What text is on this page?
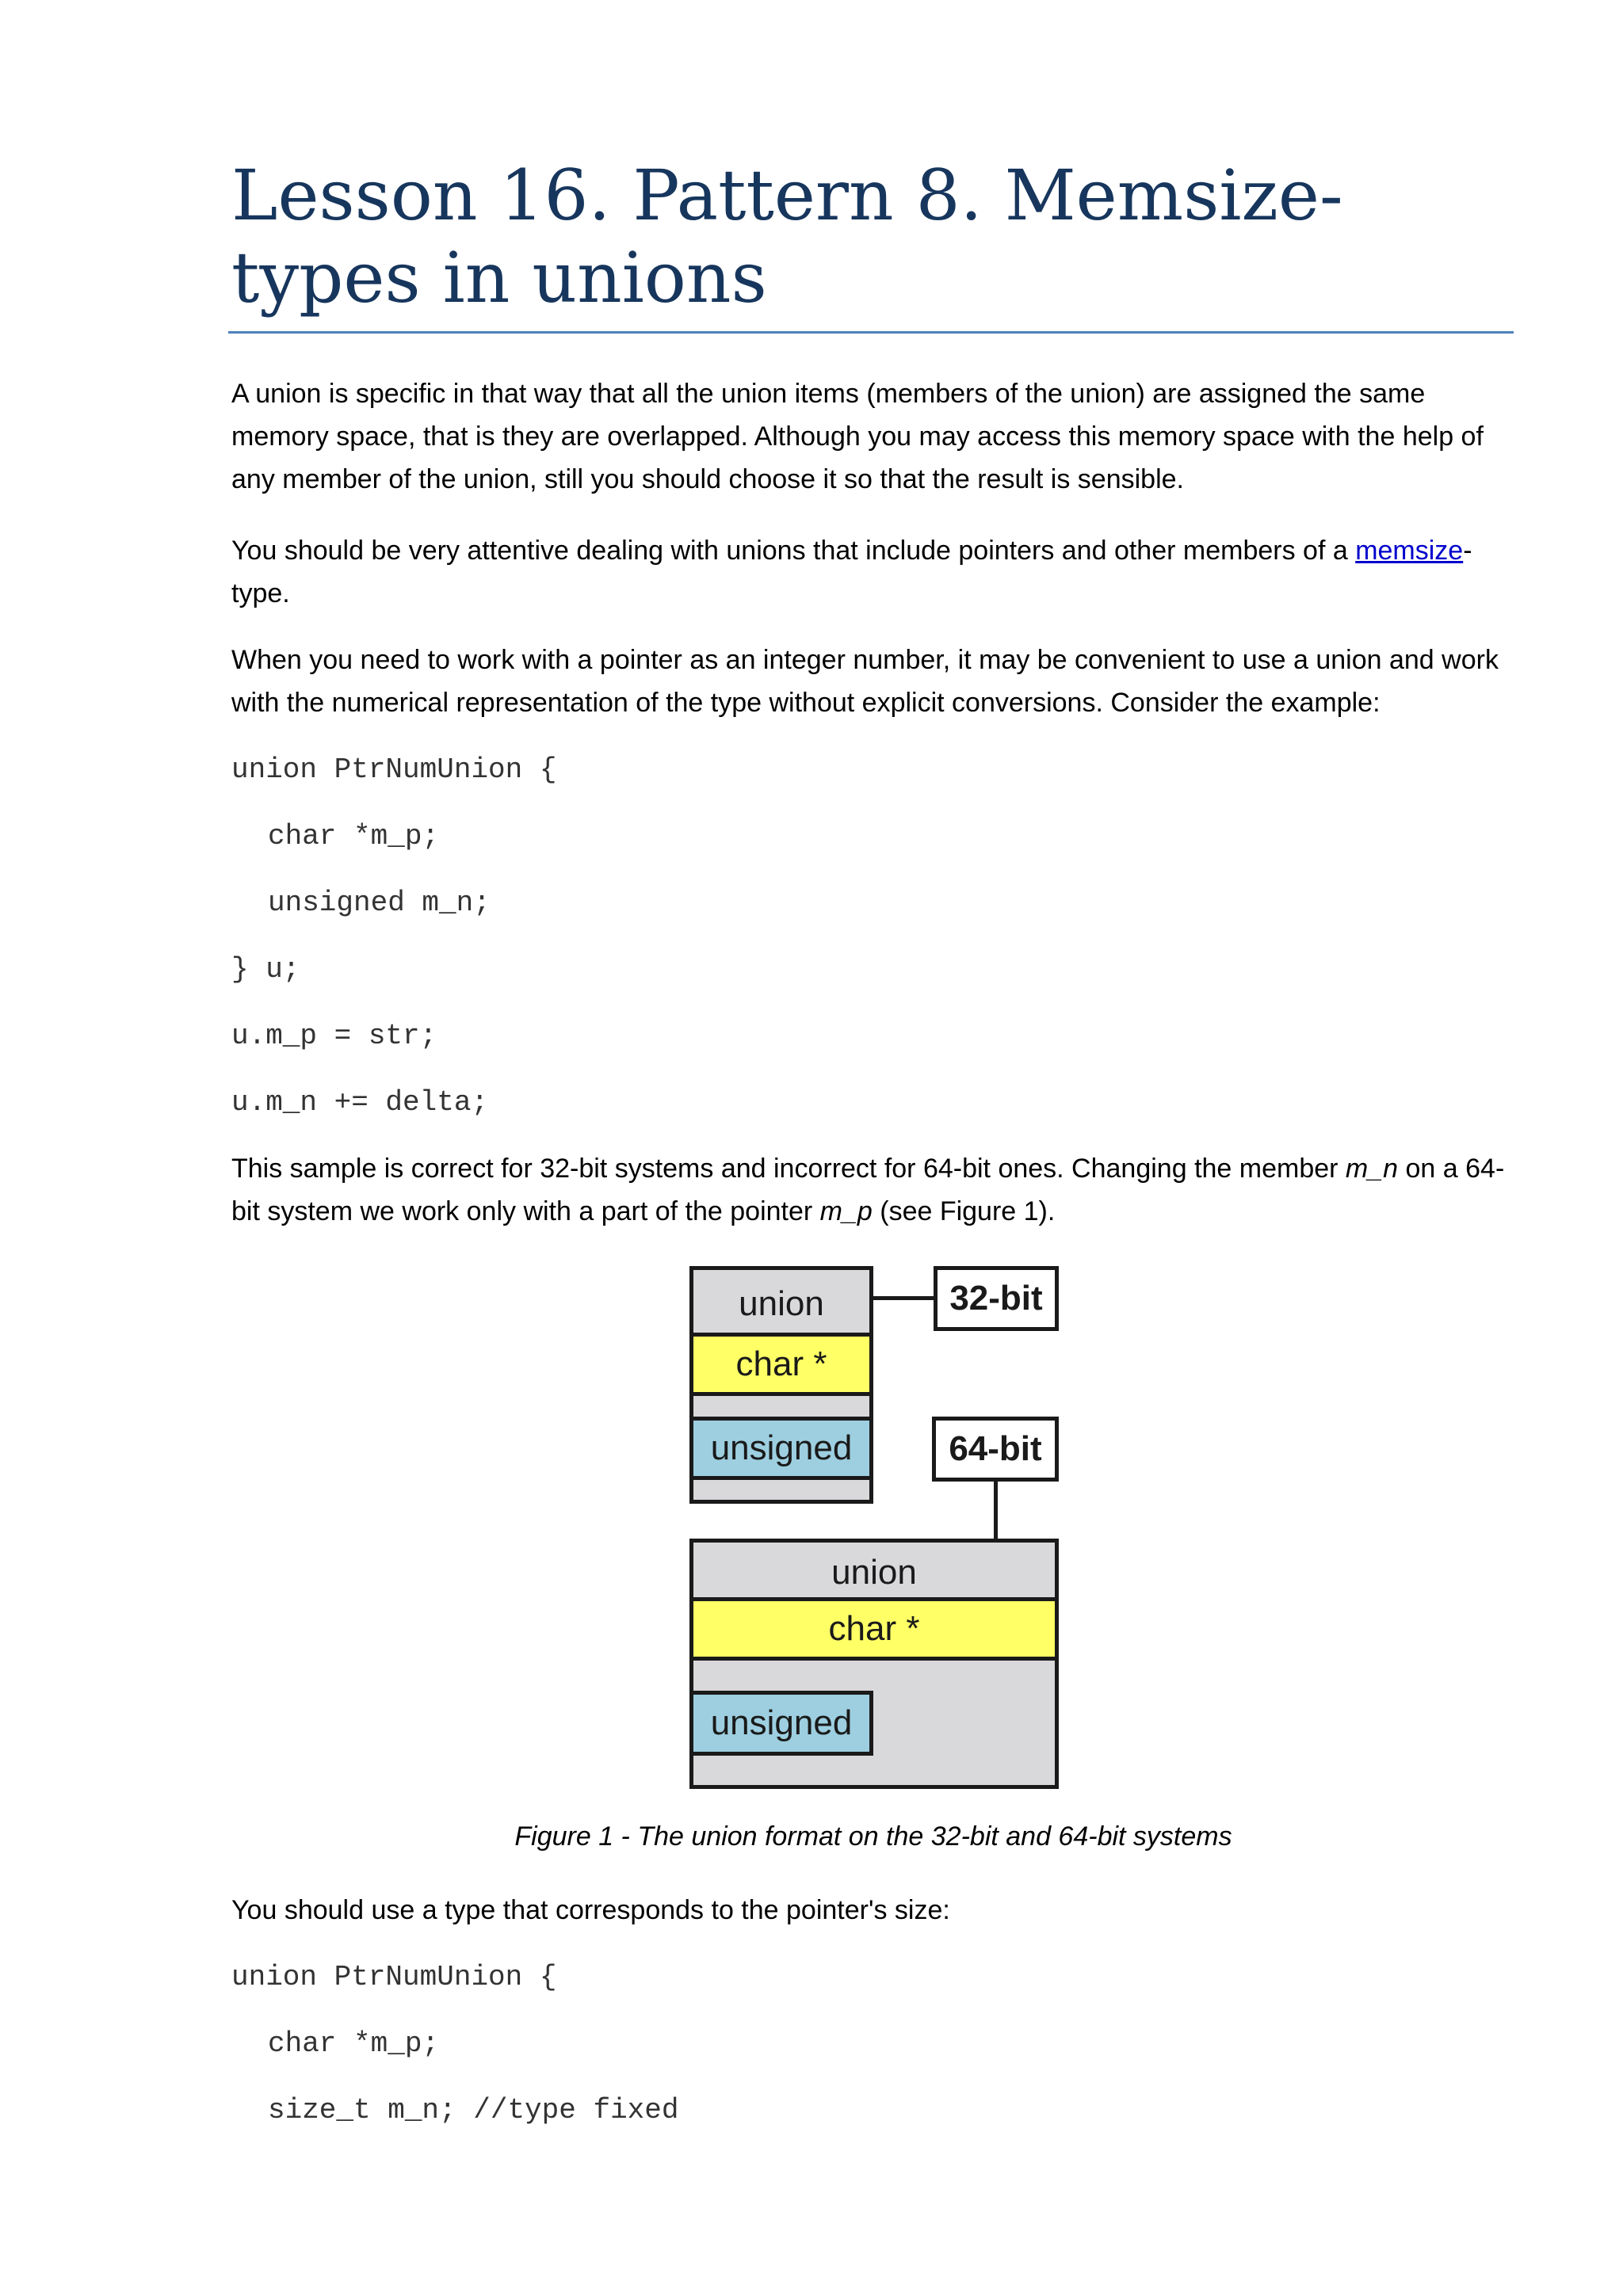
Lesson 16. Pattern 8. Memsize-types in unions

A union is specific in that way that all the union items (members of the union) are assigned the same memory space, that is they are overlapped. Although you may access this memory space with the help of any member of the union, still you should choose it so that the result is sensible.

You should be very attentive dealing with unions that include pointers and other members of a memsize-type.

When you need to work with a pointer as an integer number, it may be convenient to use a union and work with the numerical representation of the type without explicit conversions. Consider the example:

union PtrNumUnion {
char *m_p;
unsigned m_n;
} u;
u.m_p = str;
u.m_n += delta;

This sample is correct for 32-bit systems and incorrect for 64-bit ones. Changing the member m_n on a 64-bit system we work only with a part of the pointer m_p (see Figure 1).

union
char *
unsigned
32-bit
64-bit
union
char *
unsigned

Figure 1 - The union format on the 32-bit and 64-bit systems

You should use a type that corresponds to the pointer's size:

union PtrNumUnion {
char *m_p;
size_t m_n; //type fixed
